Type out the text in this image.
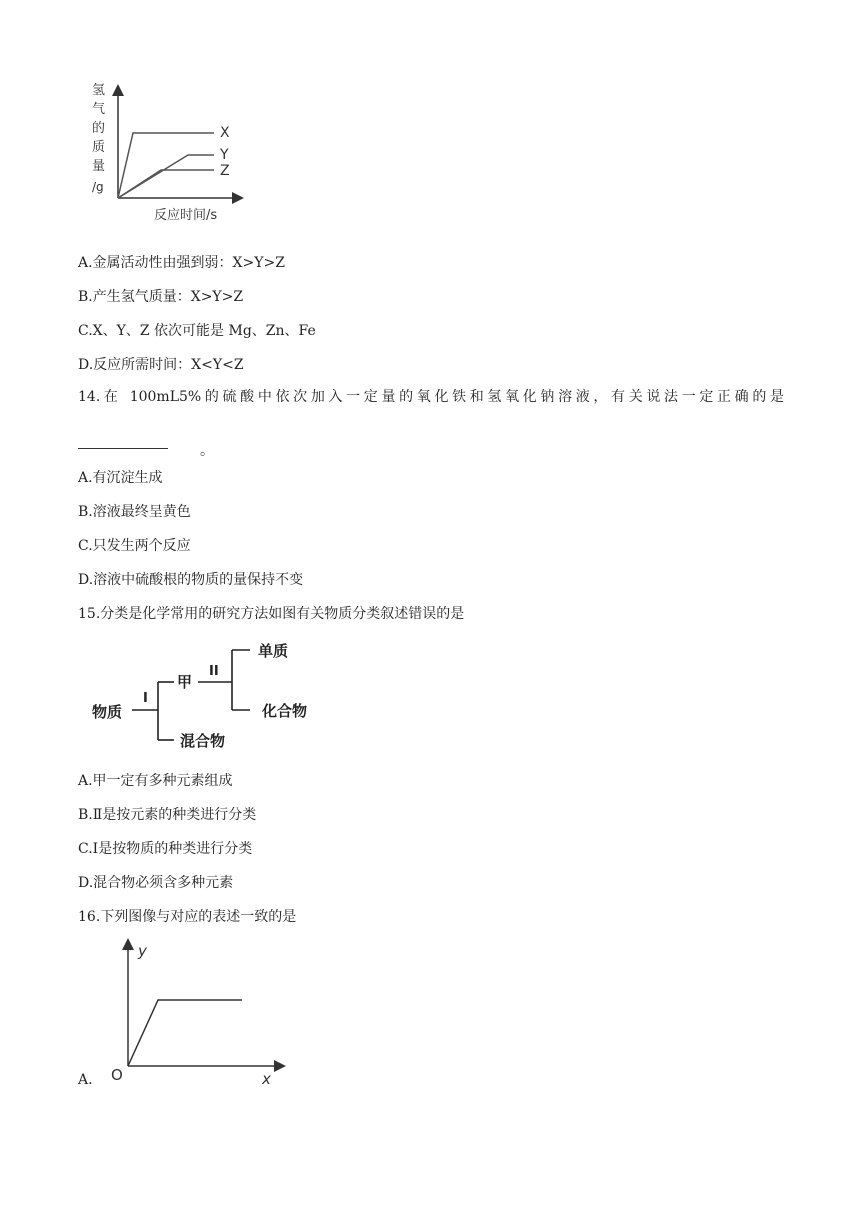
氢
气
的
质
量
/g
X
Y
Z
反应时间/s
A.金属活动性由强到弱：X>Y>Z
B.产生氢气质量：X>Y>Z
C.X、Y、Z 依次可能是 Mg、Zn、Fe
D.反应所需时间：X<Y<Z
14.在 100mL5%的硫酸中依次加入一定量的氧化铁和氢氧化钠溶液，有关说法一定正确的是
。
A.有沉淀生成
B.溶液最终呈黄色
C.只发生两个反应
D.溶液中硫酸根的物质的量保持不变
15.分类是化学常用的研究方法如图有关物质分类叙述错误的是
物质
I
甲
II
单质
化合物
混合物
A.甲一定有多种元素组成
B.Ⅱ是按元素的种类进行分类
C.Ⅰ是按物质的种类进行分类
D.混合物必须含多种元素
16.下列图像与对应的表述一致的是
y
x
O
A.
